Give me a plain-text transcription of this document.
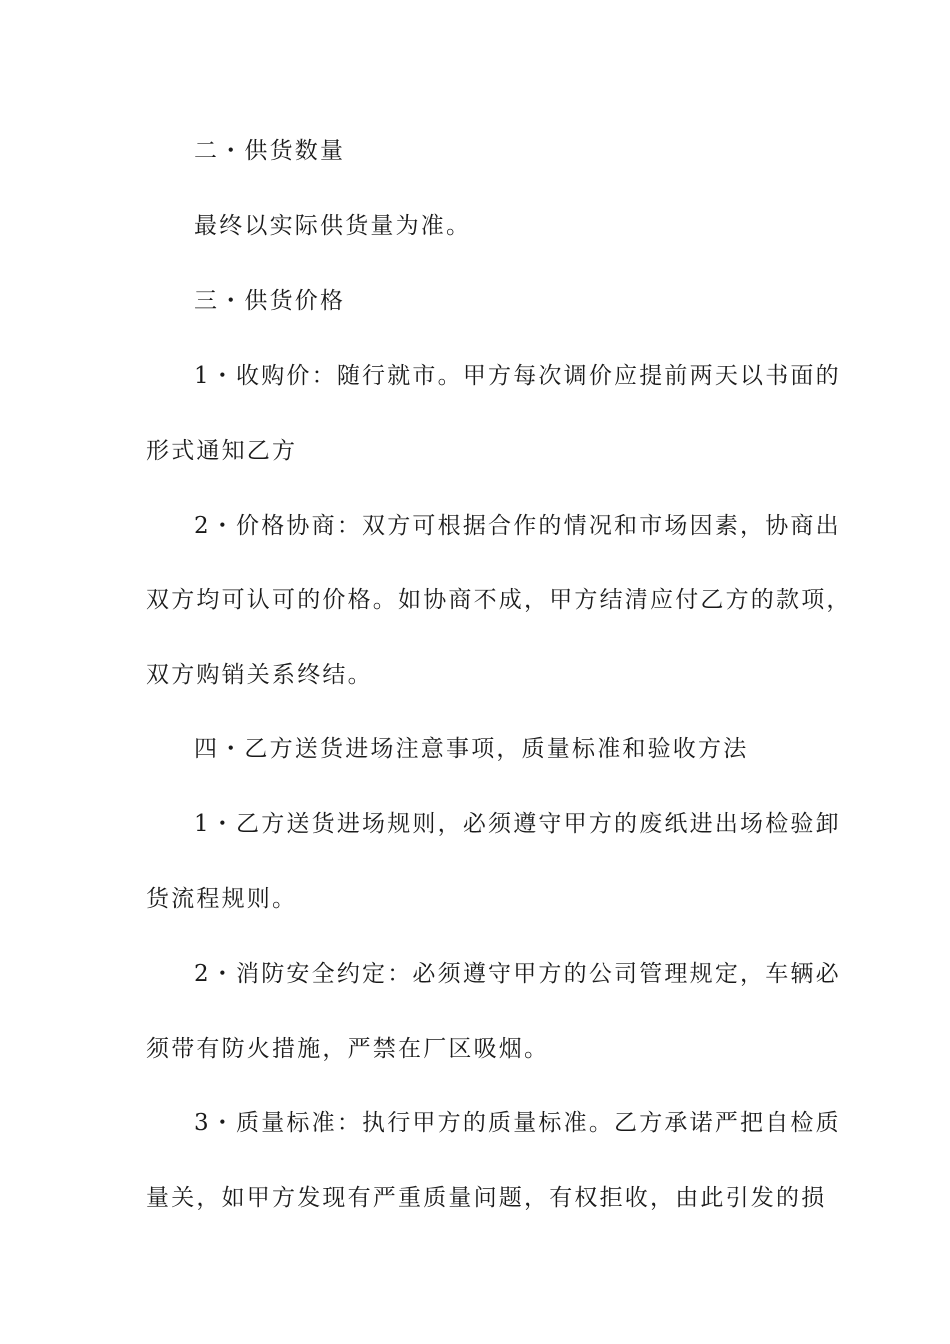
二・供货数量
最终以实际供货量为准。
三・供货价格
1・收购价：随行就市。甲方每次调价应提前两天以书面的
形式通知乙方
2・价格协商：双方可根据合作的情况和市场因素，协商出
双方均可认可的价格。如协商不成，甲方结清应付乙方的款项，
双方购销关系终结。
四・乙方送货进场注意事项，质量标准和验收方法
1・乙方送货进场规则，必须遵守甲方的废纸进出场检验卸
货流程规则。
2・消防安全约定：必须遵守甲方的公司管理规定，车辆必
须带有防火措施，严禁在厂区吸烟。
3・质量标准：执行甲方的质量标准。乙方承诺严把自检质
量关，如甲方发现有严重质量问题，有权拒收，由此引发的损
